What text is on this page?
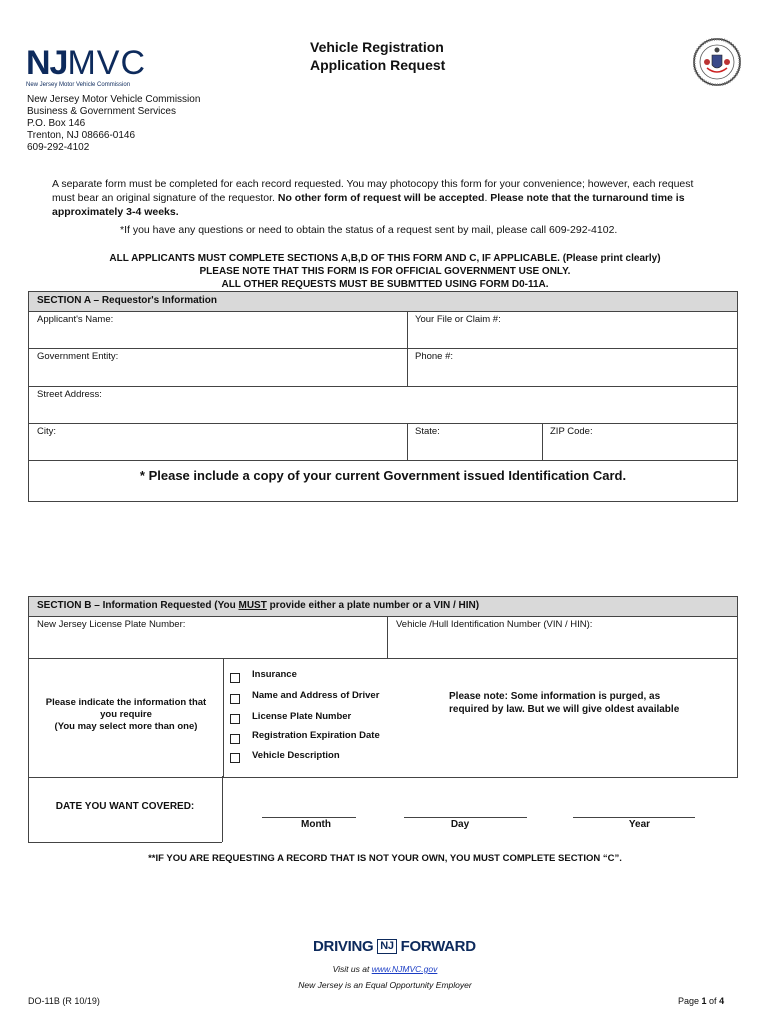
NJMVC
New Jersey Motor Vehicle Commission
Vehicle Registration
Application Request
New Jersey Motor Vehicle Commission
Business & Government Services
P.O. Box 146
Trenton, NJ 08666-0146
609-292-4102
A separate form must be completed for each record requested. You may photocopy this form for your convenience; however, each request must bear an original signature of the requestor. No other form of request will be accepted. Please note that the turnaround time is approximately 3-4 weeks.
*If you have any questions or need to obtain the status of a request sent by mail, please call 609-292-4102.
ALL APPLICANTS MUST COMPLETE SECTIONS A,B,D OF THIS FORM AND C, IF APPLICABLE. (Please print clearly)
PLEASE NOTE THAT THIS FORM IS FOR OFFICIAL GOVERNMENT USE ONLY.
ALL OTHER REQUESTS MUST BE SUBMTTED USING FORM D0-11A.
SECTION A – Requestor's Information
Applicant's Name:	Your File or Claim #:
Government Entity:	Phone #:
Street Address:
City:	State:	ZIP Code:
* Please include a copy of your current Government issued Identification Card.
SECTION B – Information Requested (You MUST provide either a plate number or a VIN / HIN)
New Jersey License Plate Number:	Vehicle /Hull Identification Number (VIN / HIN):
Please indicate the information that
you require
(You may select more than one)
Insurance
Name and Address of Driver
License Plate Number
Registration Expiration Date
Vehicle Description
Please note: Some information is purged, as
required by law. But we will give oldest available
DATE YOU WANT COVERED:
Month	Day	Year
**IF YOU ARE REQUESTING A RECORD THAT IS NOT YOUR OWN, YOU MUST COMPLETE SECTION “C”.
DRIVING NJ FORWARD
Visit us at www.NJMVC.gov
New Jersey is an Equal Opportunity Employer
DO-11B (R 10/19)	Page 1 of 4
